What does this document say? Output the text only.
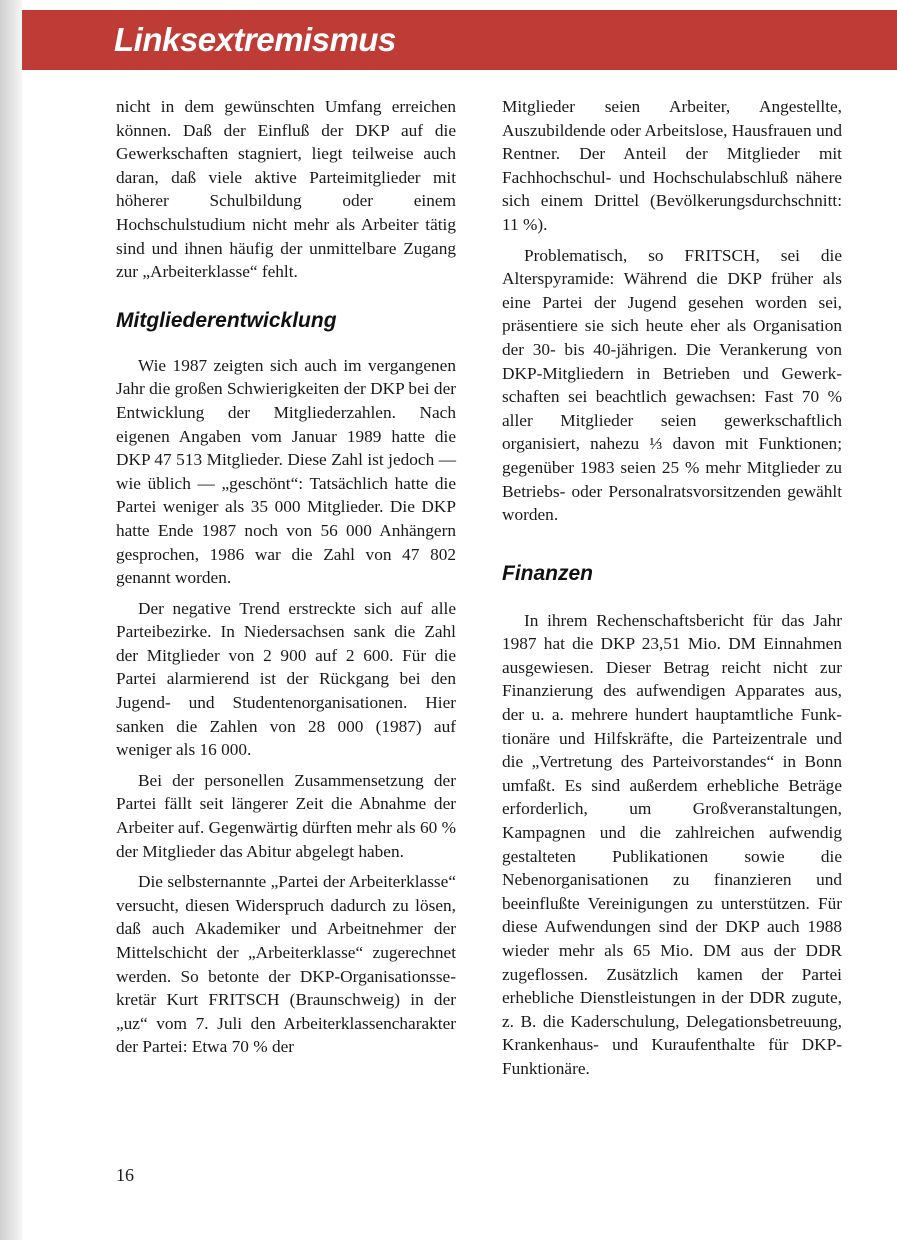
Linksextremismus

nicht in dem gewünschten Umfang erreichen können. Daß der Einfluß der DKP auf die Gewerkschaften stagniert, liegt teilweise auch daran, daß viele aktive Parteimitglieder mit höherer Schulbildung oder einem Hochschulstudium nicht mehr als Arbeiter tätig sind und ihnen häufig der unmittelbare Zugang zur „Arbeiterklasse“ fehlt.

Mitgliederentwicklung

Wie 1987 zeigten sich auch im vergangenen Jahr die großen Schwierigkeiten der DKP bei der Entwicklung der Mitgliederzahlen. Nach eigenen Angaben vom Januar 1989 hatte die DKP 47 513 Mitglieder. Diese Zahl ist jedoch — wie üblich — „geschönt“: Tatsächlich hatte die Partei weniger als 35 000 Mitglieder. Die DKP hatte Ende 1987 noch von 56 000 Anhängern gesprochen, 1986 war die Zahl von 47 802 genannt worden.

Der negative Trend erstreckte sich auf alle Parteibezirke. In Niedersachsen sank die Zahl der Mitglieder von 2 900 auf 2 600. Für die Partei alarmierend ist der Rückgang bei den Jugend- und Studentenorganisationen. Hier sanken die Zahlen von 28 000 (1987) auf weniger als 16 000.

Bei der personellen Zusammensetzung der Partei fällt seit längerer Zeit die Abnahme der Arbeiter auf. Gegenwärtig dürften mehr als 60 % der Mitglieder das Abitur abgelegt haben.

Die selbsternannte „Partei der Arbeiterklasse“ versucht, diesen Widerspruch dadurch zu lösen, daß auch Akademiker und Arbeitnehmer der Mittelschicht der „Arbeiterklasse“ zugerechnet werden. So betonte der DKP-Organisationssekretär Kurt FRITSCH (Braunschweig) in der „uz“ vom 7. Juli den Arbeiterklassencharakter der Partei: Etwa 70 % der

Mitglieder seien Arbeiter, Angestellte, Auszubildende oder Arbeitslose, Hausfrauen und Rentner. Der Anteil der Mitglieder mit Fachhochschul- und Hochschulabschluß nähere sich einem Drittel (Bevölkerungsdurchschnitt: 11 %).

Problematisch, so FRITSCH, sei die Alterspyramide: Während die DKP früher als eine Partei der Jugend gesehen worden sei, präsentiere sie sich heute eher als Organisation der 30- bis 40-jährigen. Die Verankerung von DKP-Mitgliedern in Betrieben und Gewerkschaften sei beachtlich gewachsen: Fast 70 % aller Mitglieder seien gewerkschaftlich organisiert, nahezu ⅓ davon mit Funktionen; gegenüber 1983 seien 25 % mehr Mitglieder zu Betriebs- oder Personalratsvorsitzenden gewählt worden.

Finanzen

In ihrem Rechenschaftsbericht für das Jahr 1987 hat die DKP 23,51 Mio. DM Einnahmen ausgewiesen. Dieser Betrag reicht nicht zur Finanzierung des aufwendigen Apparates aus, der u. a. mehrere hundert hauptamtliche Funktionäre und Hilfskräfte, die Parteizentrale und die „Vertretung des Parteivorstandes“ in Bonn umfaßt. Es sind außerdem erhebliche Beträge erforderlich, um Großveranstaltungen, Kampagnen und die zahlreichen aufwendig gestalteten Publikationen sowie die Nebenorganisationen zu finanzieren und beeinflußte Vereinigungen zu unterstützen. Für diese Aufwendungen sind der DKP auch 1988 wieder mehr als 65 Mio. DM aus der DDR zugeflossen. Zusätzlich kamen der Partei erhebliche Dienstleistungen in der DDR zugute, z. B. die Kaderschulung, Delegationsbetreuung, Krankenhaus- und Kuraufenthalte für DKP-Funktionäre.

16
